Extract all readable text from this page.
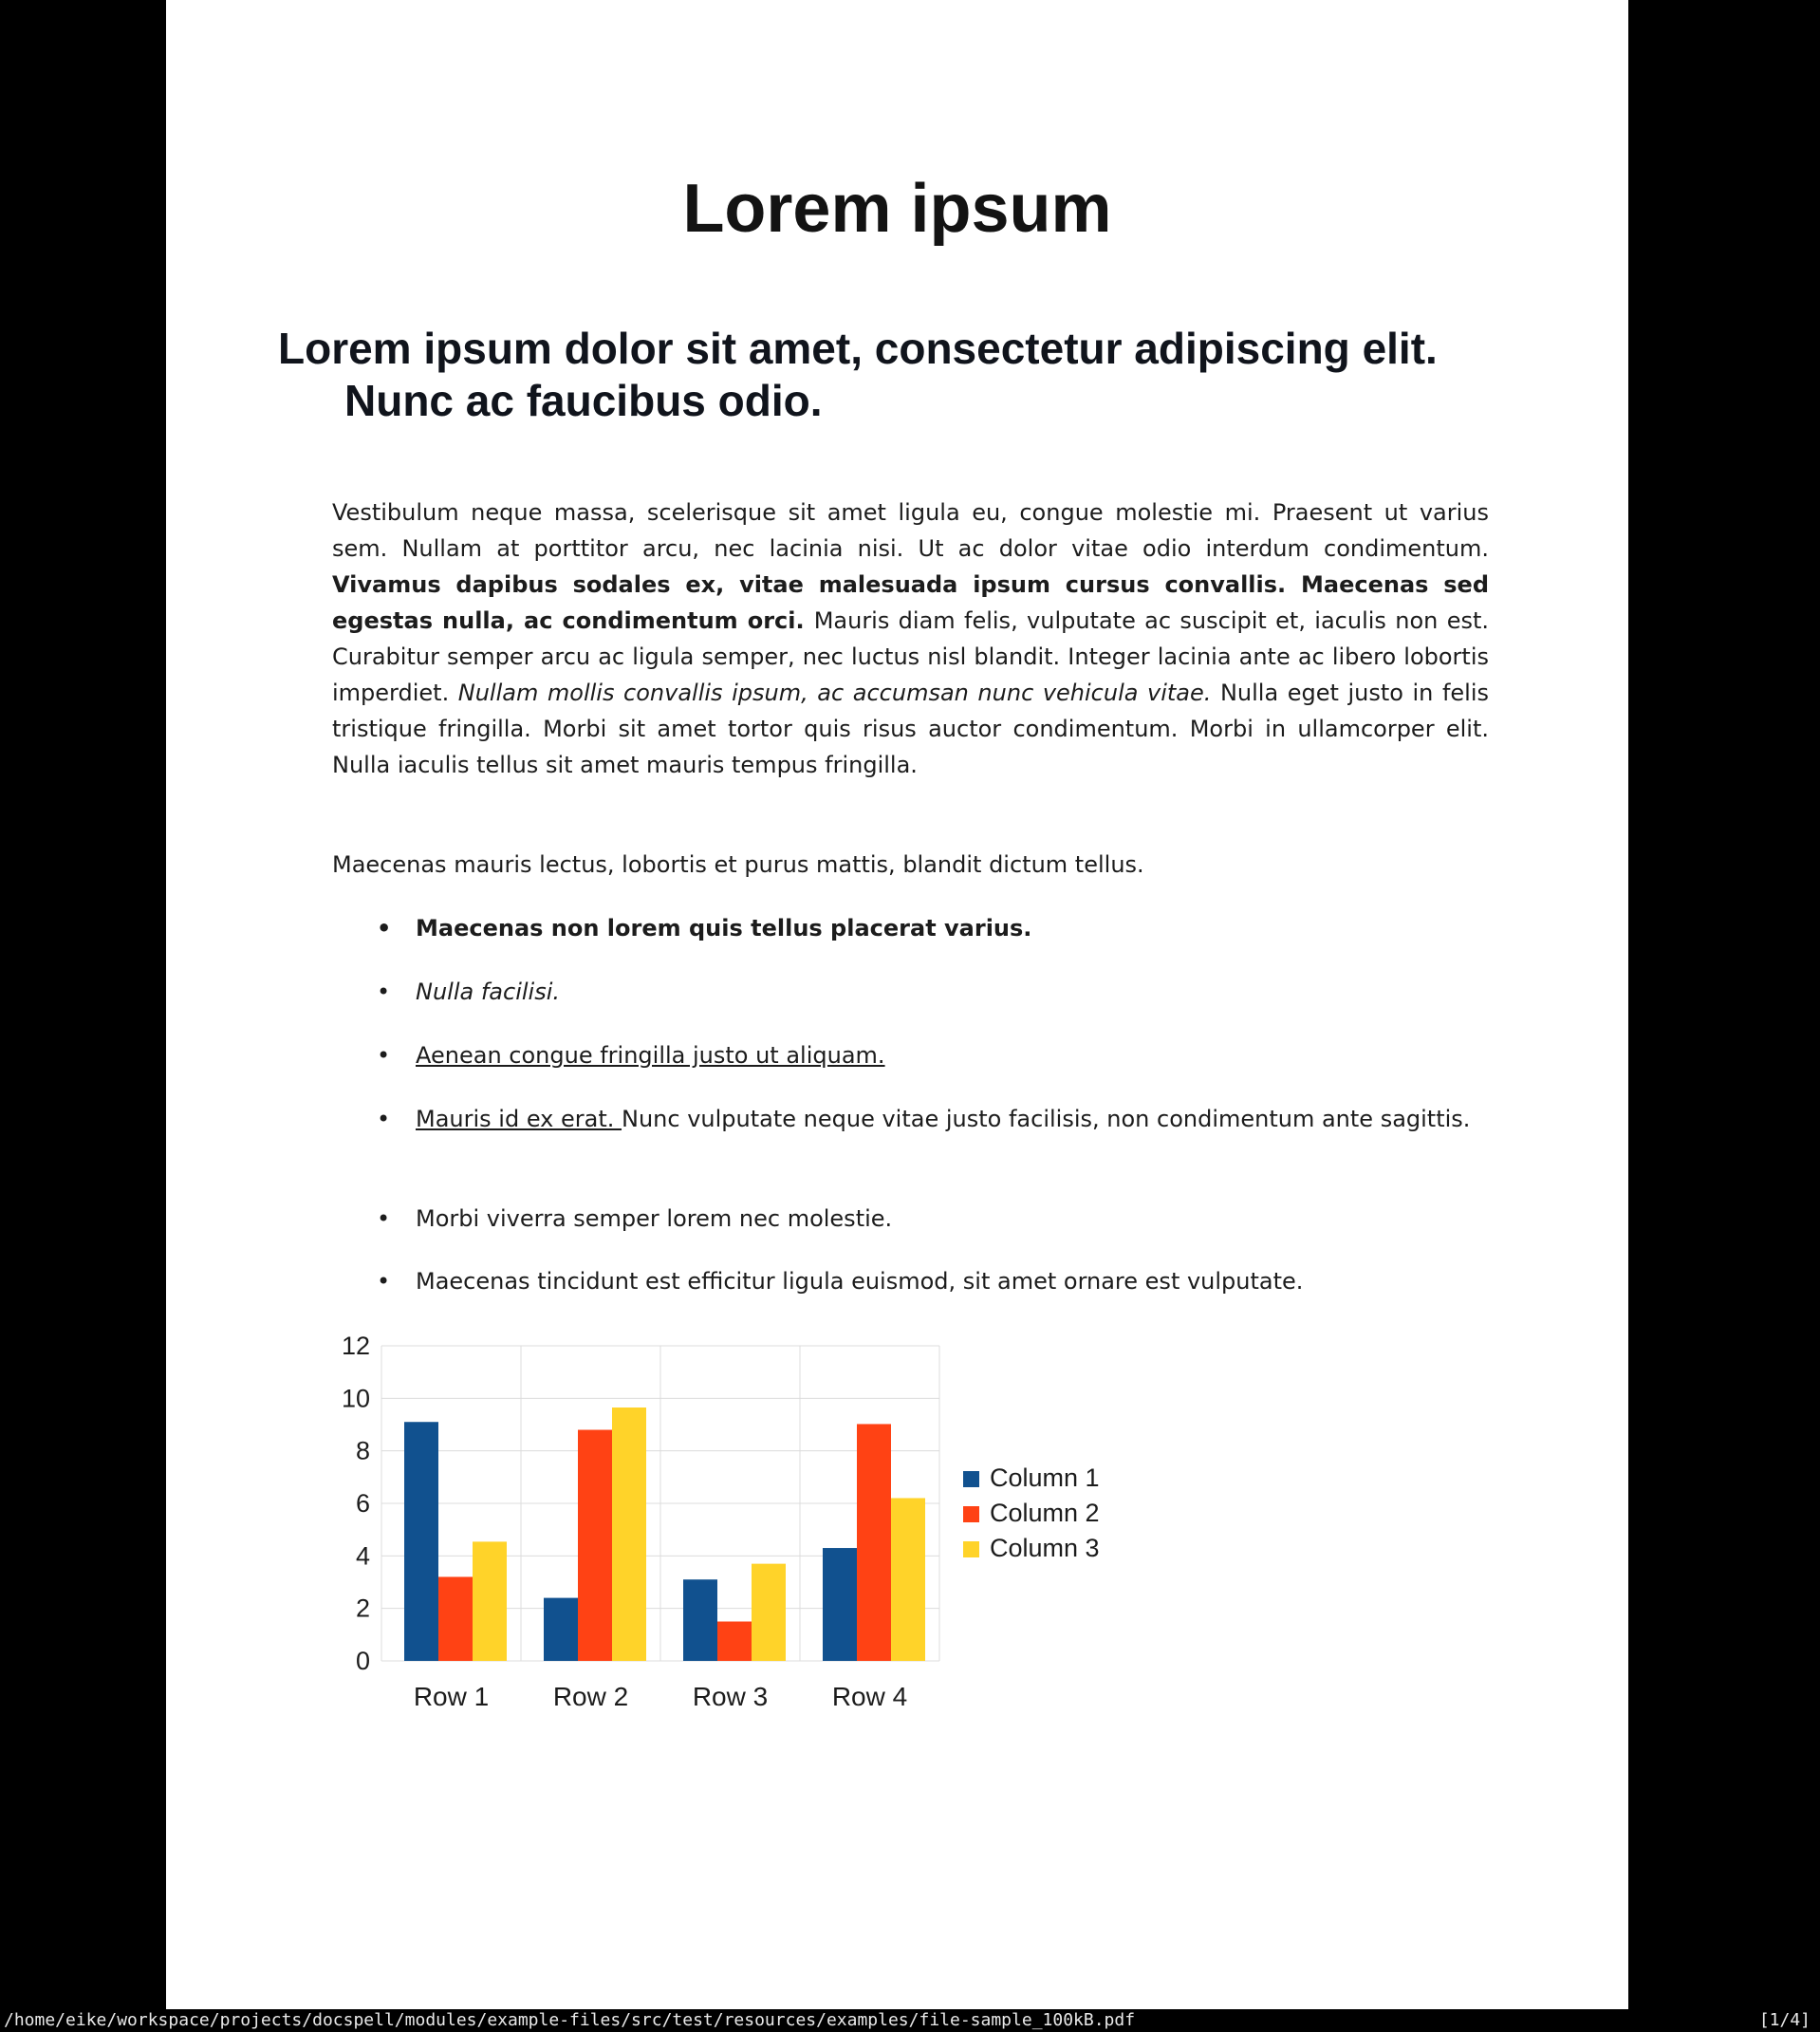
Lorem ipsum
Lorem ipsum dolor sit amet, consectetur adipiscing elit.
Nunc ac faucibus odio.
Vestibulum neque massa, scelerisque sit amet ligula eu, congue molestie mi. Praesent ut varius sem. Nullam at porttitor arcu, nec lacinia nisi. Ut ac dolor vitae odio interdum condimentum. Vivamus dapibus sodales ex, vitae malesuada ipsum cursus convallis. Maecenas sed egestas nulla, ac condimentum orci. Mauris diam felis, vulputate ac suscipit et, iaculis non est. Curabitur semper arcu ac ligula semper, nec luctus nisl blandit. Integer lacinia ante ac libero lobortis imperdiet. Nullam mollis convallis ipsum, ac accumsan nunc vehicula vitae. Nulla eget justo in felis tristique fringilla. Morbi sit amet tortor quis risus auctor condimentum. Morbi in ullamcorper elit. Nulla iaculis tellus sit amet mauris tempus fringilla.
Maecenas mauris lectus, lobortis et purus mattis, blandit dictum tellus.
• Maecenas non lorem quis tellus placerat varius.
• Nulla facilisi.
• Aenean congue fringilla justo ut aliquam.
• Mauris id ex erat. Nunc vulputate neque vitae justo facilisis, non condimentum ante sagittis.
• Morbi viverra semper lorem nec molestie.
• Maecenas tincidunt est efficitur ligula euismod, sit amet ornare est vulputate.
0
2
4
6
8
10
12
Row 1 Row 2 Row 3 Row 4
Column 1
Column 2
Column 3
/home/eike/workspace/projects/docspell/modules/example-files/src/test/resources/examples/file-sample_100kB.pdf	[1/4]
